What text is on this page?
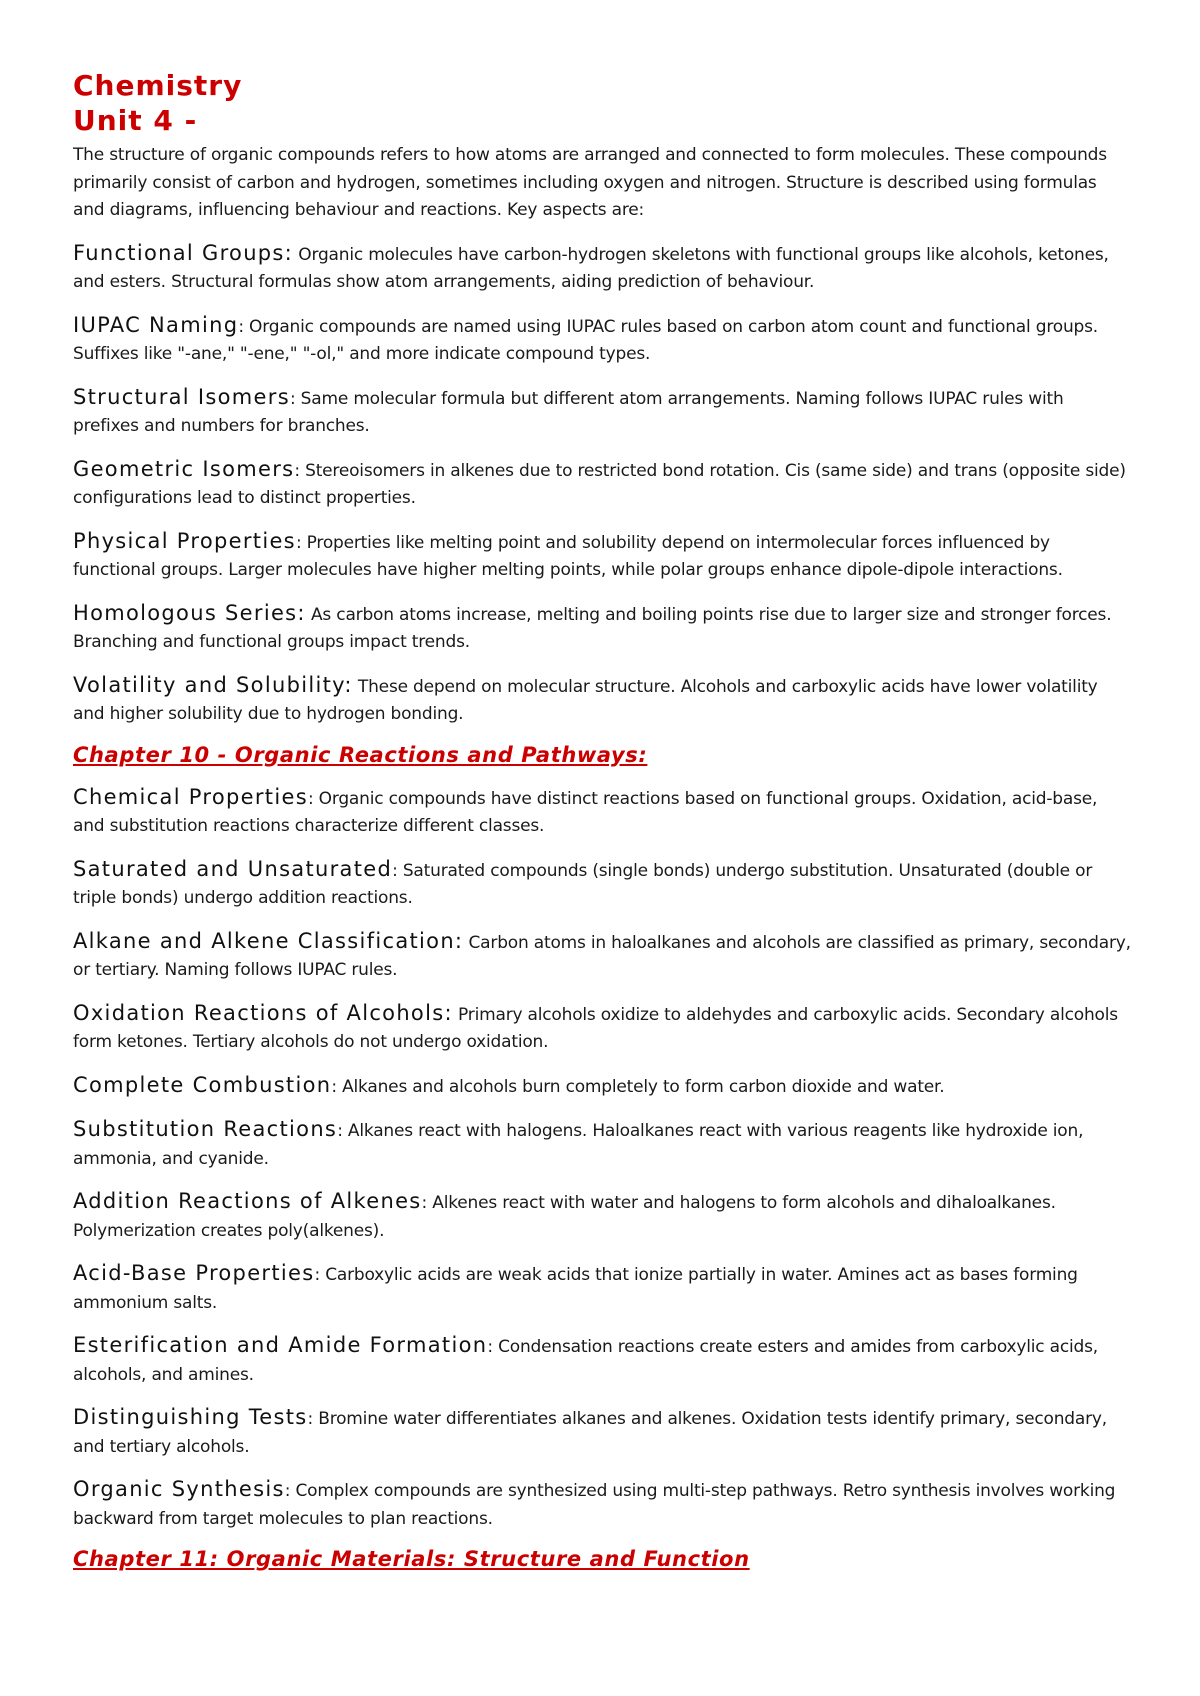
Chemistry
Unit 4 -

The structure of organic compounds refers to how atoms are arranged and connected to form molecules. These compounds primarily consist of carbon and hydrogen, sometimes including oxygen and nitrogen. Structure is described using formulas and diagrams, influencing behaviour and reactions. Key aspects are:

Functional Groups: Organic molecules have carbon-hydrogen skeletons with functional groups like alcohols, ketones, and esters. Structural formulas show atom arrangements, aiding prediction of behaviour.

IUPAC Naming: Organic compounds are named using IUPAC rules based on carbon atom count and functional groups. Suffixes like "-ane," "-ene," "-ol," and more indicate compound types.

Structural Isomers: Same molecular formula but different atom arrangements. Naming follows IUPAC rules with prefixes and numbers for branches.

Geometric Isomers: Stereoisomers in alkenes due to restricted bond rotation. Cis (same side) and trans (opposite side) configurations lead to distinct properties.

Physical Properties: Properties like melting point and solubility depend on intermolecular forces influenced by functional groups. Larger molecules have higher melting points, while polar groups enhance dipole-dipole interactions.

Homologous Series: As carbon atoms increase, melting and boiling points rise due to larger size and stronger forces. Branching and functional groups impact trends.

Volatility and Solubility: These depend on molecular structure. Alcohols and carboxylic acids have lower volatility and higher solubility due to hydrogen bonding.

Chapter 10 - Organic Reactions and Pathways:

Chemical Properties: Organic compounds have distinct reactions based on functional groups. Oxidation, acid-base, and substitution reactions characterize different classes.

Saturated and Unsaturated: Saturated compounds (single bonds) undergo substitution. Unsaturated (double or triple bonds) undergo addition reactions.

Alkane and Alkene Classification: Carbon atoms in haloalkanes and alcohols are classified as primary, secondary, or tertiary. Naming follows IUPAC rules.

Oxidation Reactions of Alcohols: Primary alcohols oxidize to aldehydes and carboxylic acids. Secondary alcohols form ketones. Tertiary alcohols do not undergo oxidation.

Complete Combustion: Alkanes and alcohols burn completely to form carbon dioxide and water.

Substitution Reactions: Alkanes react with halogens. Haloalkanes react with various reagents like hydroxide ion, ammonia, and cyanide.

Addition Reactions of Alkenes: Alkenes react with water and halogens to form alcohols and dihaloalkanes. Polymerization creates poly(alkenes).

Acid-Base Properties: Carboxylic acids are weak acids that ionize partially in water. Amines act as bases forming ammonium salts.

Esterification and Amide Formation: Condensation reactions create esters and amides from carboxylic acids, alcohols, and amines.

Distinguishing Tests: Bromine water differentiates alkanes and alkenes. Oxidation tests identify primary, secondary, and tertiary alcohols.

Organic Synthesis: Complex compounds are synthesized using multi-step pathways. Retro synthesis involves working backward from target molecules to plan reactions.

Chapter 11: Organic Materials: Structure and Function
